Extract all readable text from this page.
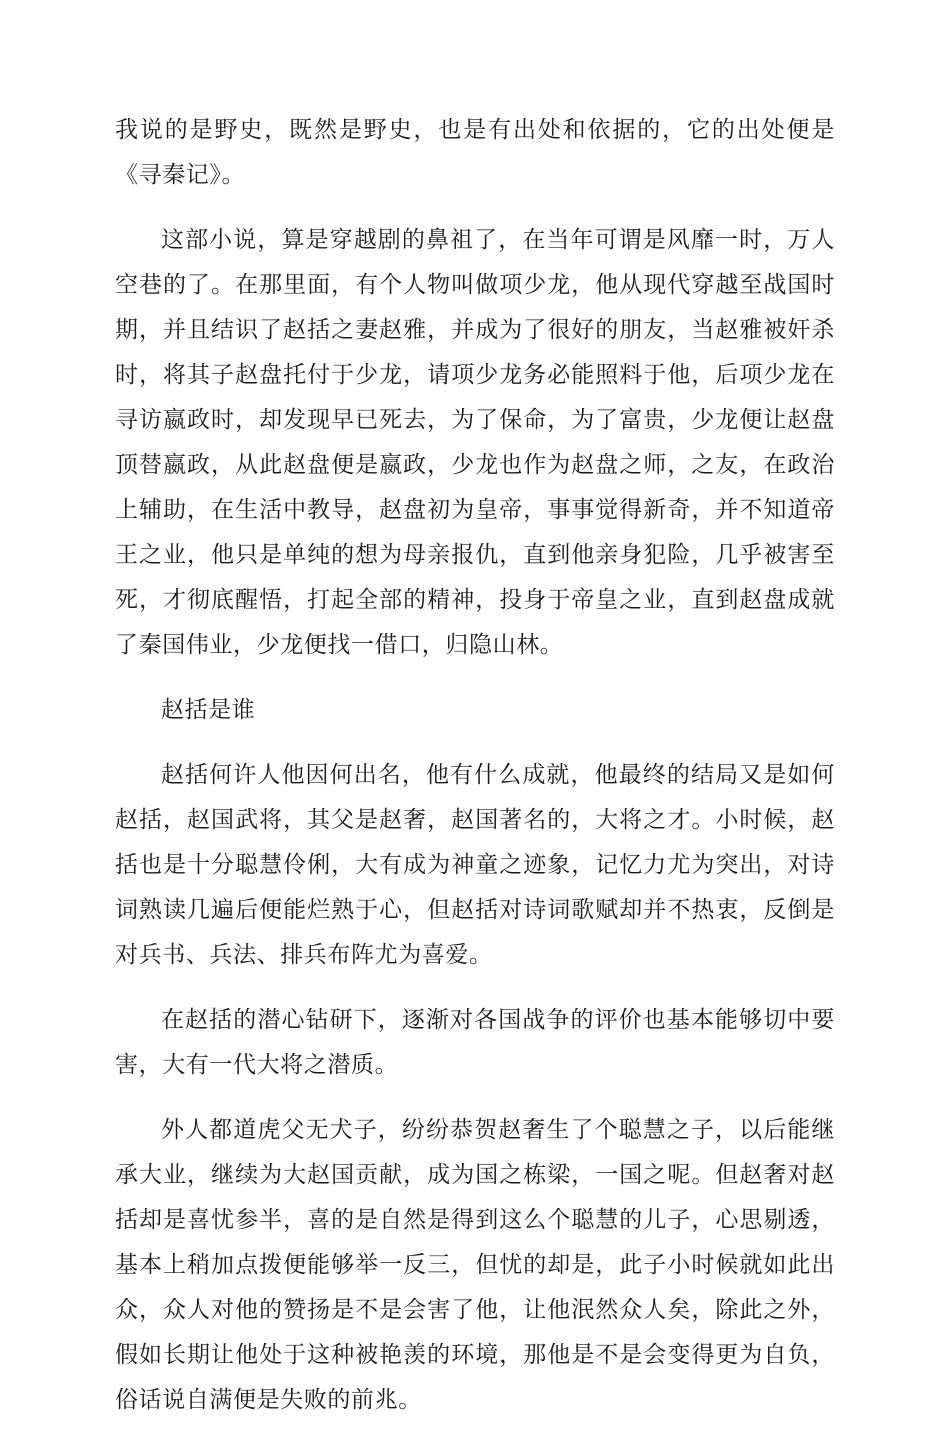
我说的是野史，既然是野史，也是有出处和依据的，它的出处便是《寻秦记》。

这部小说，算是穿越剧的鼻祖了，在当年可谓是风靡一时，万人空巷的了。在那里面，有个人物叫做项少龙，他从现代穿越至战国时期，并且结识了赵括之妻赵雅，并成为了很好的朋友，当赵雅被奸杀时，将其子赵盘托付于少龙，请项少龙务必能照料于他，后项少龙在寻访嬴政时，却发现早已死去，为了保命，为了富贵，少龙便让赵盘顶替嬴政，从此赵盘便是嬴政，少龙也作为赵盘之师，之友，在政治上辅助，在生活中教导，赵盘初为皇帝，事事觉得新奇，并不知道帝王之业，他只是单纯的想为母亲报仇，直到他亲身犯险，几乎被害至死，才彻底醒悟，打起全部的精神，投身于帝皇之业，直到赵盘成就了秦国伟业，少龙便找一借口，归隐山林。

赵括是谁

赵括何许人他因何出名，他有什么成就，他最终的结局又是如何赵括，赵国武将，其父是赵奢，赵国著名的，大将之才。小时候，赵括也是十分聪慧伶俐，大有成为神童之迹象，记忆力尤为突出，对诗词熟读几遍后便能烂熟于心，但赵括对诗词歌赋却并不热衷，反倒是对兵书、兵法、排兵布阵尤为喜爱。

在赵括的潜心钻研下，逐渐对各国战争的评价也基本能够切中要害，大有一代大将之潜质。

外人都道虎父无犬子，纷纷恭贺赵奢生了个聪慧之子，以后能继承大业，继续为大赵国贡献，成为国之栋梁，一国之呢。但赵奢对赵括却是喜忧参半，喜的是自然是得到这么个聪慧的儿子，心思剔透，基本上稍加点拨便能够举一反三，但忧的却是，此子小时候就如此出众，众人对他的赞扬是不是会害了他，让他泯然众人矣，除此之外，假如长期让他处于这种被艳羡的环境，那他是不是会变得更为自负，俗话说自满便是失败的前兆。
